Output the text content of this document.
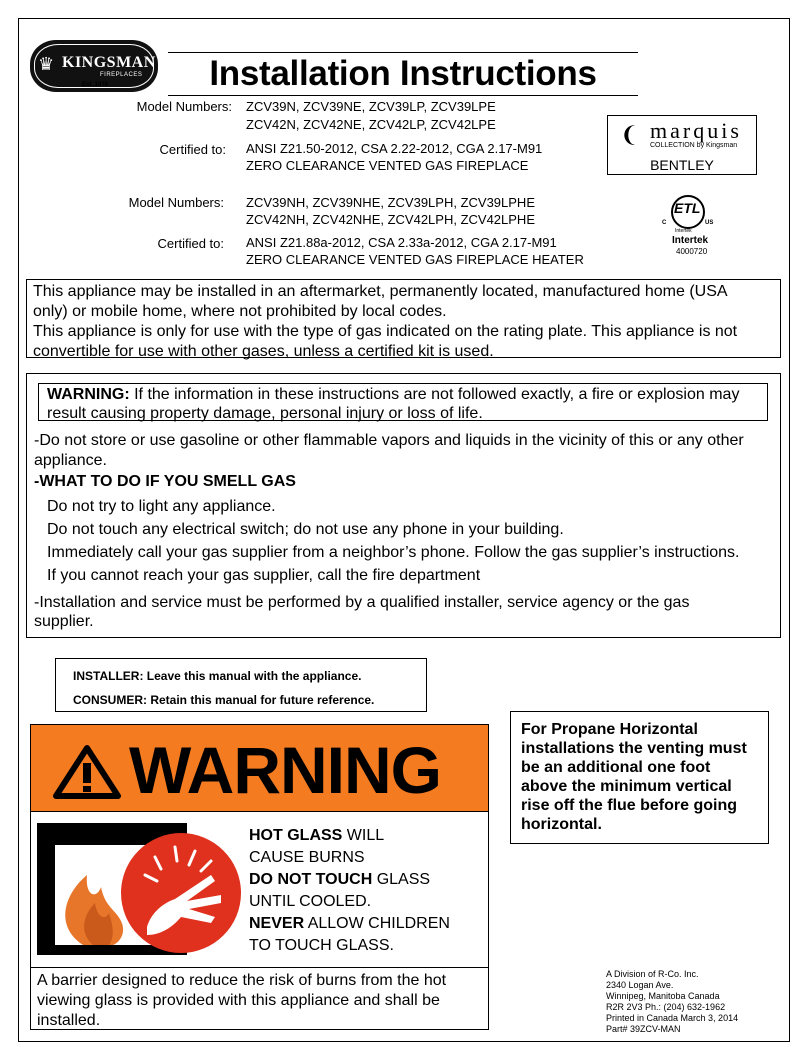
♛ KINGSMAN
FIREPLACES
Est. 1976	Installation Instructions
Model Numbers: ZCV39N, ZCV39NE, ZCV39LP, ZCV39LPE
ZCV42N, ZCV42NE, ZCV42LP, ZCV42LPE
Certified to: ANSI Z21.50-2012, CSA 2.22-2012, CGA 2.17-M91
ZERO CLEARANCE VENTED GAS FIREPLACE
❨ marquis
COLLECTION by Kingsman
BENTLEY
Model Numbers: ZCV39NH, ZCV39NHE, ZCV39LPH, ZCV39LPHE
ZCV42NH, ZCV42NHE, ZCV42LPH, ZCV42LPHE
Certified to: ANSI Z21.88a-2012, CSA 2.33a-2012, CGA 2.17-M91
ZERO CLEARANCE VENTED GAS FIREPLACE HEATER
ETL
C	US
Intertek
Intertek
4000720
This appliance may be installed in an aftermarket, permanently located, manufactured home (USA
only) or mobile home, where not prohibited by local codes.
This appliance is only for use with the type of gas indicated on the rating plate. This appliance is not
convertible for use with other gases, unless a certified kit is used.
WARNING: If the information in these instructions are not followed exactly, a fire or explosion may
result causing property damage, personal injury or loss of life.
-Do not store or use gasoline or other flammable vapors and liquids in the vicinity of this or any other
appliance.
-WHAT TO DO IF YOU SMELL GAS
Do not try to light any appliance.
Do not touch any electrical switch; do not use any phone in your building.
Immediately call your gas supplier from a neighbor’s phone. Follow the gas supplier’s instructions.
If you cannot reach your gas supplier, call the fire department
-Installation and service must be performed by a qualified installer, service agency or the gas
supplier.
INSTALLER: Leave this manual with the appliance.
CONSUMER: Retain this manual for future reference.
For Propane Horizontal
installations the venting must
be an additional one foot
above the minimum vertical
rise off the flue before going
horizontal.
WARNING
HOT GLASS WILL
CAUSE BURNS
DO NOT TOUCH GLASS
UNTIL COOLED.
NEVER ALLOW CHILDREN
TO TOUCH GLASS.
A barrier designed to reduce the risk of burns from the hot
viewing glass is provided with this appliance and shall be
installed.
A Division of R-Co. Inc.
2340 Logan Ave.
Winnipeg, Manitoba Canada
R2R 2V3 Ph.: (204) 632-1962
Printed in Canada March 3, 2014
Part# 39ZCV-MAN
